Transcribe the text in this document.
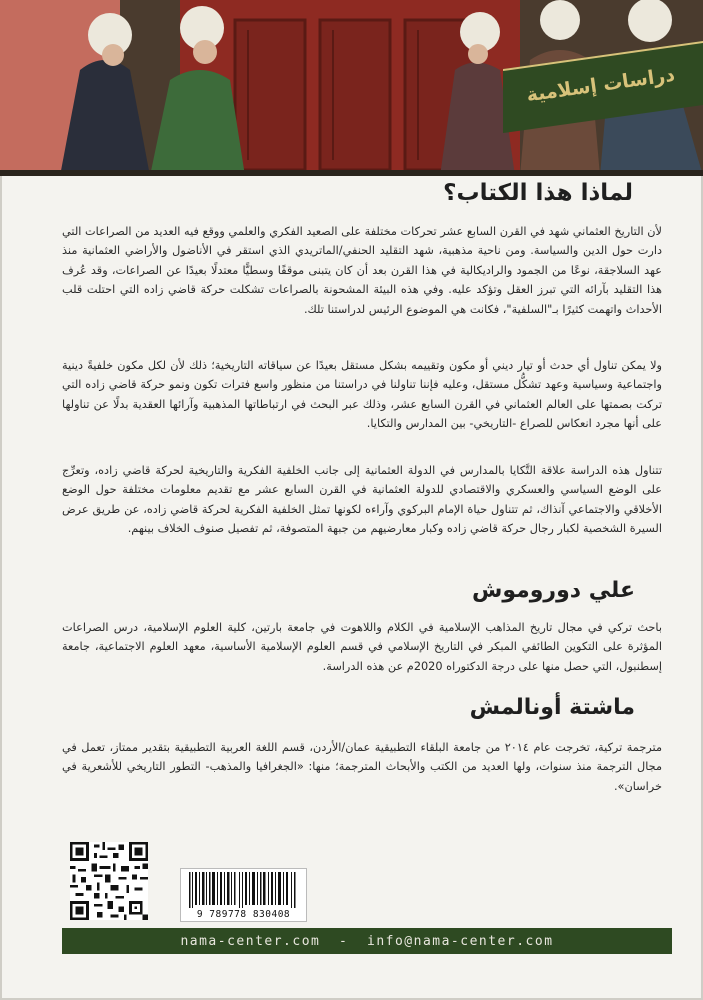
دراسات إسلامية
لماذا هذا الكتاب؟
لأن التاريخ العثماني شهد في القرن السابع عشر تحركات مختلفة على الصعيد الفكري والعلمي ووقع فيه العديد من الصراعات التي دارت حول الدين والسياسة. ومن ناحية مذهبية، شهد التقليد الحنفي/الماتريدي الذي استقر في الأناضول والأراضي العثمانية منذ عهد السلاجقة، نوعًا من الجمود والراديكالية في هذا القرن بعد أن كان يتبنى موقفًا وسطيًّا معتدلًا بعيدًا عن الصراعات، وقد عُرف هذا التقليد بآرائه التي تبرز العقل وتؤكد عليه. وفي هذه البيئة المشحونة بالصراعات تشكلت حركة قاضي زاده التي احتلت قلب الأحداث واتهمت كثيرًا بـ"السلفية"، فكانت هي الموضوع الرئيس لدراستنا تلك.
ولا يمكن تناول أي حدث أو تيار ديني أو مكون وتقييمه بشكل مستقل بعيدًا عن سياقاته التاريخية؛ ذلك لأن لكل مكون خلفيةً دينية واجتماعية وسياسية وعهد تشكُّل مستقل، وعليه فإننا تناولنا في دراستنا من منظور واسع فترات تكون ونمو حركة قاضي زاده التي تركت بصمتها على العالم العثماني في القرن السابع عشر، وذلك عبر البحث في ارتباطاتها المذهبية وآرائها العقدية بدلًا عن تناولها على أنها مجرد انعكاس للصراع -التاريخي- بين المدارس والتكايا.
تتناول هذه الدراسة علاقة التَّكايا بالمدارس في الدولة العثمانية إلى جانب الخلفية الفكرية والتاريخية لحركة قاضي زاده، وتعرِّج على الوضع السياسي والعسكري والاقتصادي للدولة العثمانية في القرن السابع عشر مع تقديم معلومات مختلفة حول الوضع الأخلاقي والاجتماعي آنذاك، ثم تتناول حياة الإمام البركوي وآراءه لكونها تمثل الخلفية الفكرية لحركة قاضي زاده، عن طريق عرض السيرة الشخصية لكبار رجال حركة قاضي زاده وكبار معارضيهم من جبهة المتصوفة، ثم تفصيل صنوف الخلاف بينهم.
علي دوروموش
باحث تركي في مجال تاريخ المذاهب الإسلامية في الكلام واللاهوت في جامعة بارتين، كلية العلوم الإسلامية، درس الصراعات المؤثرة على التكوين الطائفي المبكر في التاريخ الإسلامي في قسم العلوم الإسلامية الأساسية، معهد العلوم الاجتماعية، جامعة إسطنبول، التي حصل منها على درجة الدكتوراه 2020م عن هذه الدراسة.
ماشتة أونالمش
مترجمة تركية، تخرجت عام ٢٠١٤ من جامعة البلقاء التطبيقية عمان/الأردن، قسم اللغة العربية التطبيقية بتقدير ممتاز، تعمل في مجال الترجمة منذ سنوات، ولها العديد من الكتب والأبحاث المترجمة؛ منها: «الجغرافيا والمذهب- التطور التاريخي للأشعرية في خراسان».
9 789778 830408
nama-center.com  -  info@nama-center.com
